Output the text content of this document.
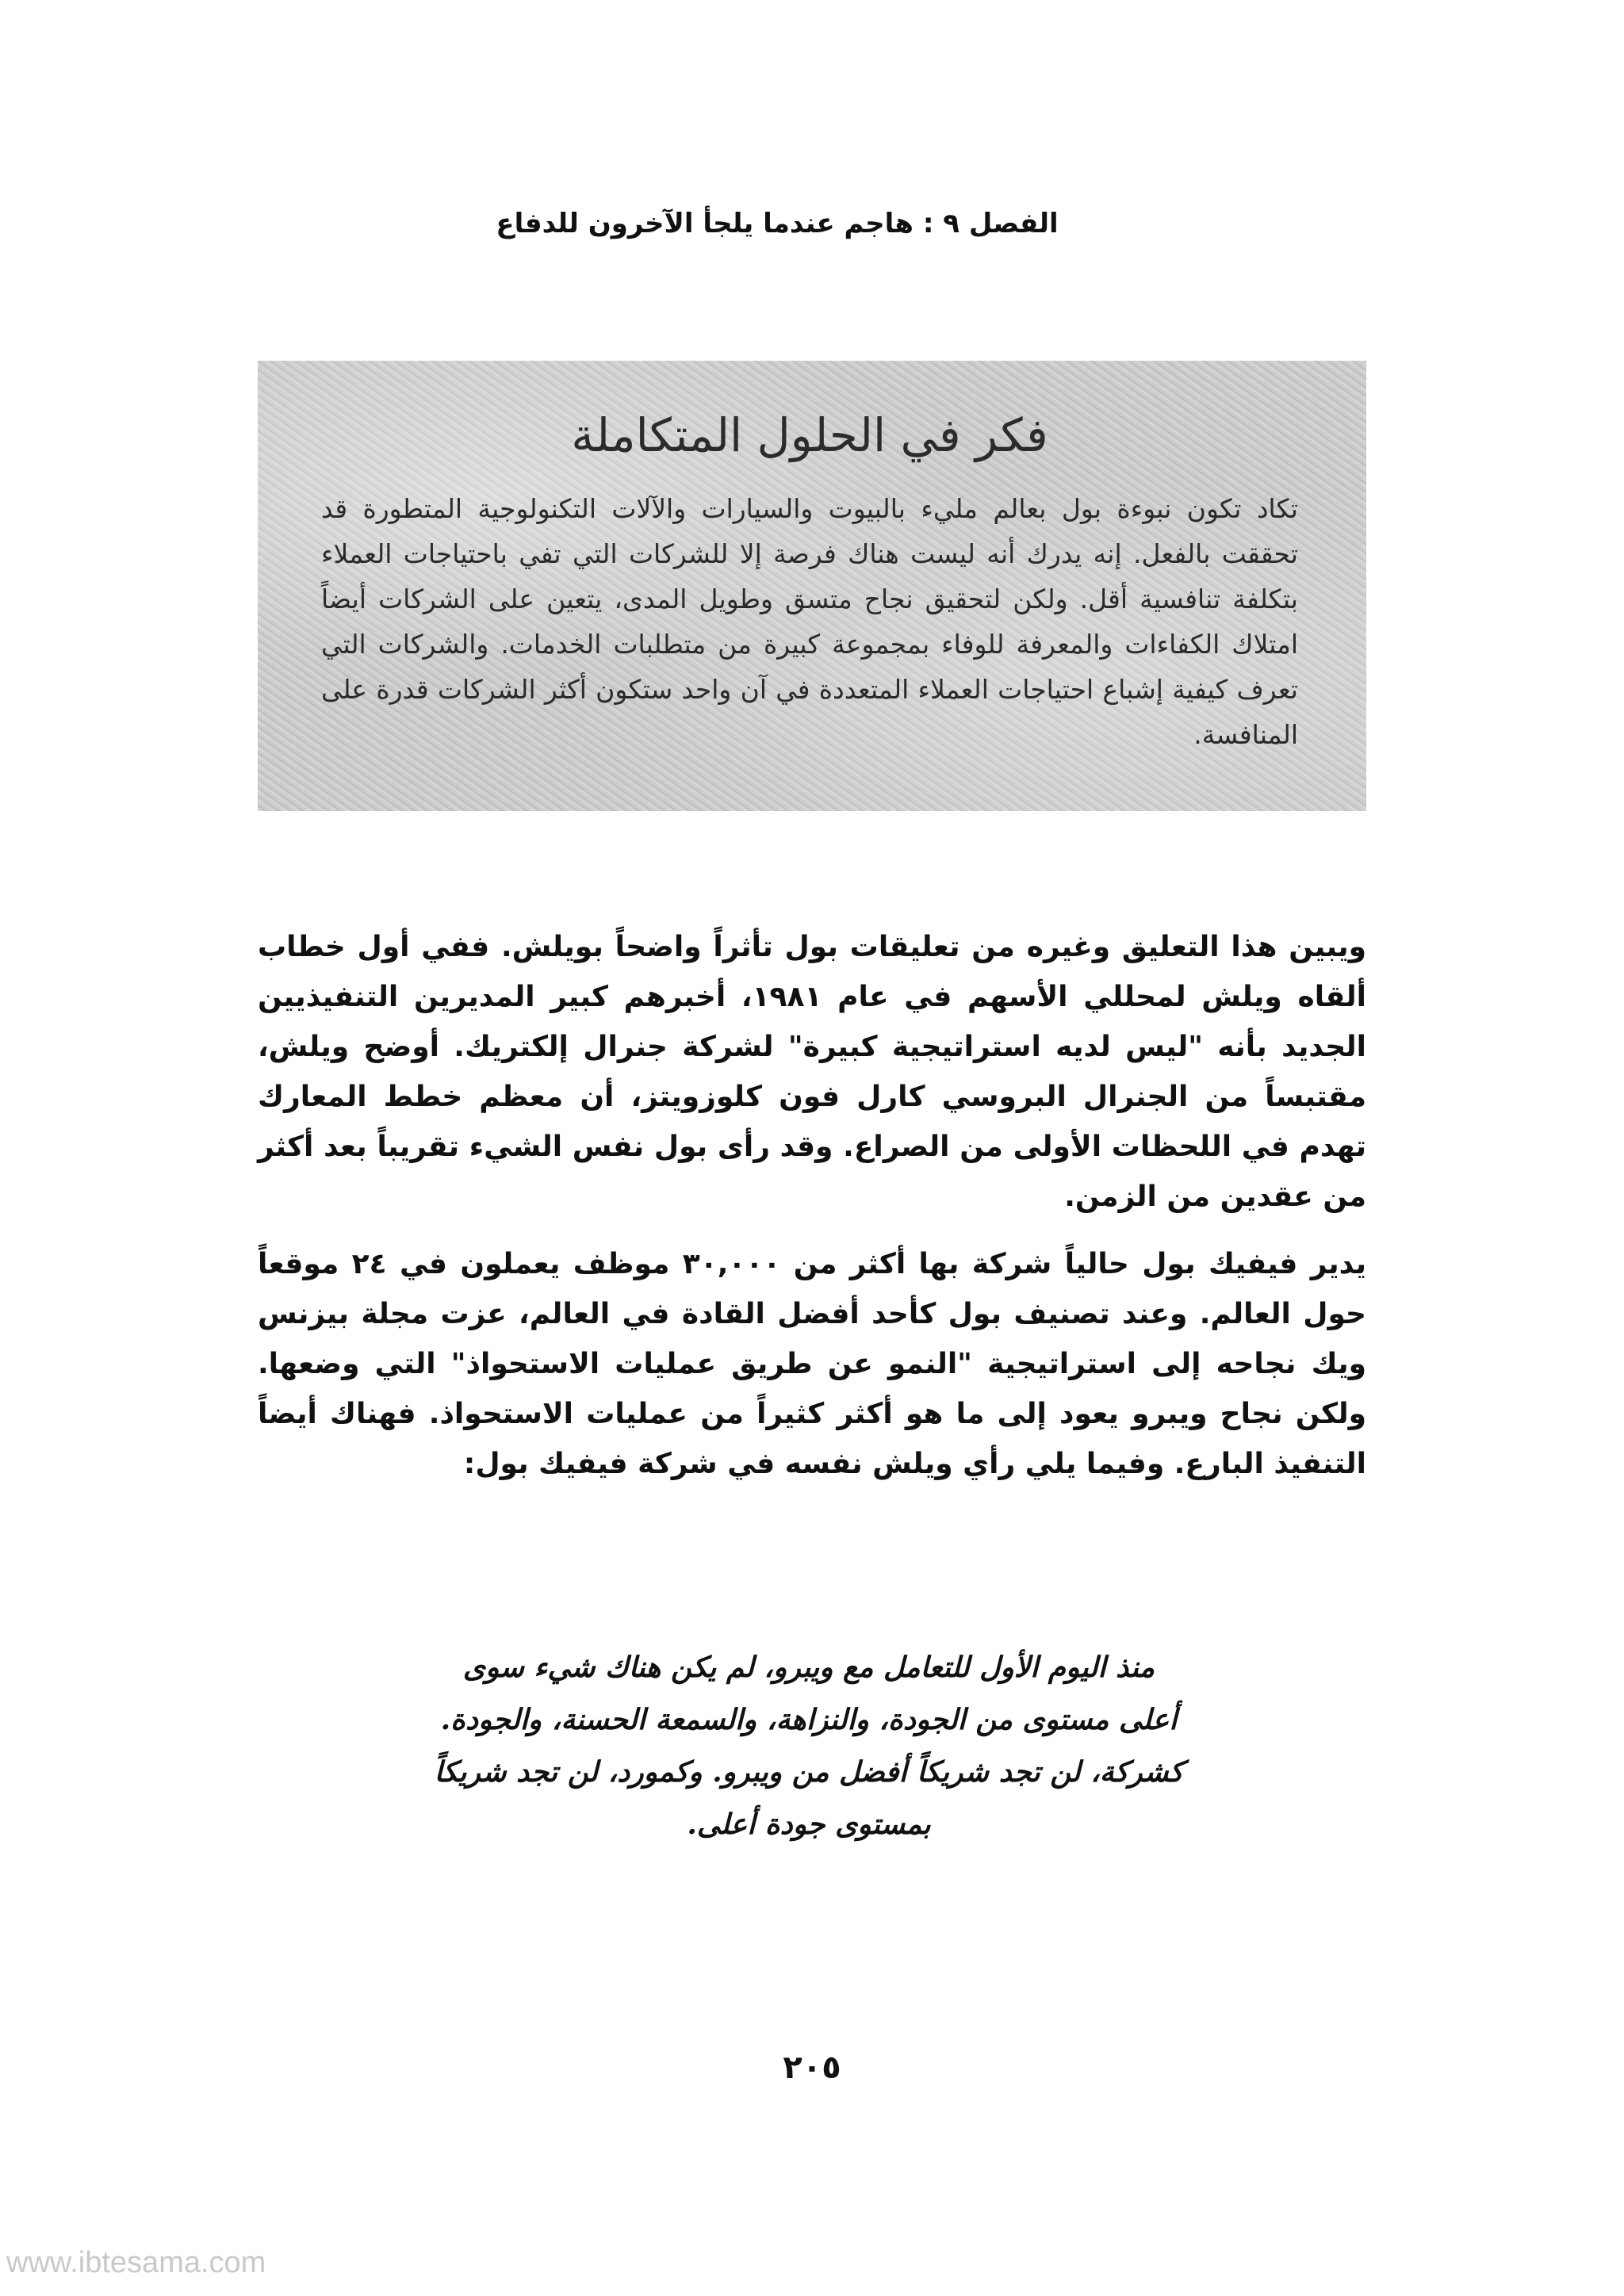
الفصل ٩ : هاجم عندما يلجأ الآخرون للدفاع
فكر في الحلول المتكاملة

تكاد تكون نبوءة بول بعالم مليء بالبيوت والسيارات والآلات التكنولوجية المتطورة قد تحققت بالفعل. إنه يدرك أنه ليست هناك فرصة إلا للشركات التي تفي باحتياجات العملاء بتكلفة تنافسية أقل. ولكن لتحقيق نجاح متسق وطويل المدى، يتعين على الشركات أيضاً امتلاك الكفاءات والمعرفة للوفاء بمجموعة كبيرة من متطلبات الخدمات. والشركات التي تعرف كيفية إشباع احتياجات العملاء المتعددة في آن واحد ستكون أكثر الشركات قدرة على المنافسة.

ويبين هذا التعليق وغيره من تعليقات بول تأثراً واضحاً بويلش. ففي أول خطاب ألقاه ويلش لمحللي الأسهم في عام ١٩٨١، أخبرهم كبير المديرين التنفيذيين الجديد بأنه "ليس لديه استراتيجية كبيرة" لشركة جنرال إلكتريك. أوضح ويلش، مقتبساً من الجنرال البروسي كارل فون كلوزويتز، أن معظم خطط المعارك تهدم في اللحظات الأولى من الصراع. وقد رأى بول نفس الشيء تقريباً بعد أكثر من عقدين من الزمن.

يدير فيفيك بول حالياً شركة بها أكثر من ٣٠,٠٠٠ موظف يعملون في ٢٤ موقعاً حول العالم. وعند تصنيف بول كأحد أفضل القادة في العالم، عزت مجلة بيزنس ويك نجاحه إلى استراتيجية "النمو عن طريق عمليات الاستحواذ" التي وضعها. ولكن نجاح ويبرو يعود إلى ما هو أكثر كثيراً من عمليات الاستحواذ. فهناك أيضاً التنفيذ البارع. وفيما يلي رأي ويلش نفسه في شركة فيفيك بول:

منذ اليوم الأول للتعامل مع ويبرو، لم يكن هناك شيء سوى
أعلى مستوى من الجودة، والنزاهة، والسمعة الحسنة، والجودة.
كشركة، لن تجد شريكاً أفضل من ويبرو. وكمورد، لن تجد شريكاً
بمستوى جودة أعلى.
٢٠٥
www.ibtesama.com
